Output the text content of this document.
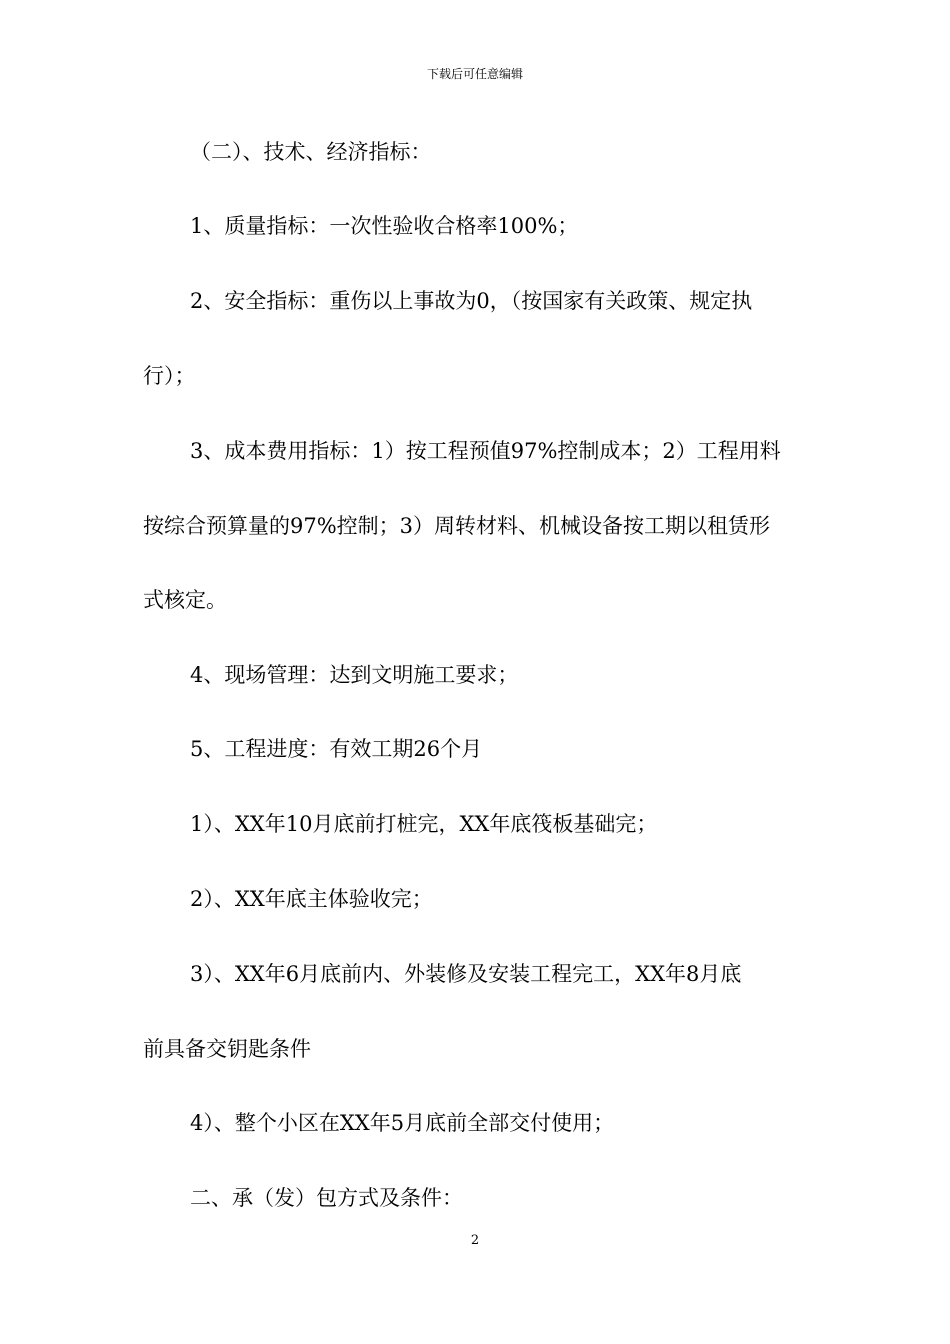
下载后可任意编辑
（二）、技术、经济指标：
1、质量指标：一次性验收合格率100%；
2、安全指标：重伤以上事故为0，（按国家有关政策、规定执
行）；
3、成本费用指标：1）按工程预值97%控制成本；2）工程用料
按综合预算量的97%控制；3）周转材料、机械设备按工期以租赁形
式核定。
4、现场管理：达到文明施工要求；
5、工程进度：有效工期26个月
1）、XX年10月底前打桩完，XX年底筏板基础完；
2）、XX年底主体验收完；
3）、XX年6月底前内、外装修及安装工程完工，XX年8月底
前具备交钥匙条件
4）、整个小区在XX年5月底前全部交付使用；
二、承（发）包方式及条件：
2
